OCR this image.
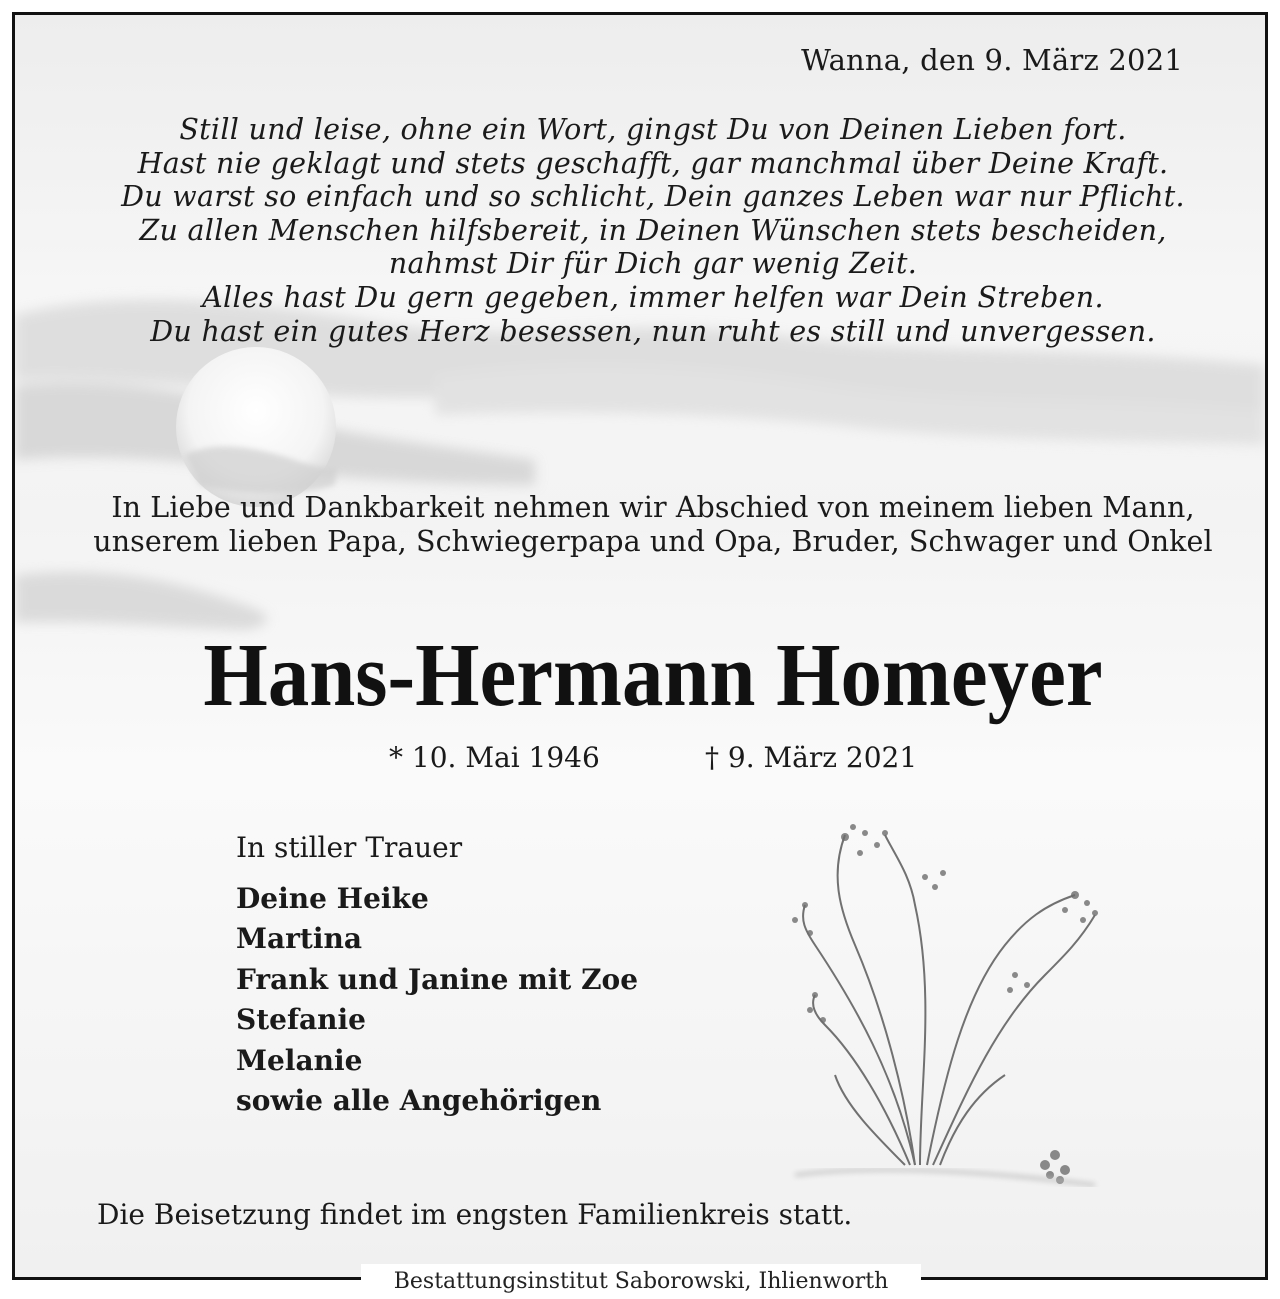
Wanna, den 9. März 2021
Still und leise, ohne ein Wort, gingst Du von Deinen Lieben fort.
Hast nie geklagt und stets geschafft, gar manchmal über Deine Kraft.
Du warst so einfach und so schlicht, Dein ganzes Leben war nur Pflicht.
Zu allen Menschen hilfsbereit, in Deinen Wünschen stets bescheiden,
nahmst Dir für Dich gar wenig Zeit.
Alles hast Du gern gegeben, immer helfen war Dein Streben.
Du hast ein gutes Herz besessen, nun ruht es still und unvergessen.
In Liebe und Dankbarkeit nehmen wir Abschied von meinem lieben Mann,
unserem lieben Papa, Schwiegerpapa und Opa, Bruder, Schwager und Onkel
Hans-Hermann Homeyer
* 10. Mai 1946	† 9. März 2021
In stiller Trauer
Deine Heike
Martina
Frank und Janine mit Zoe
Stefanie
Melanie
sowie alle Angehörigen
Die Beisetzung findet im engsten Familienkreis statt.
Bestattungsinstitut Saborowski, Ihlienworth
